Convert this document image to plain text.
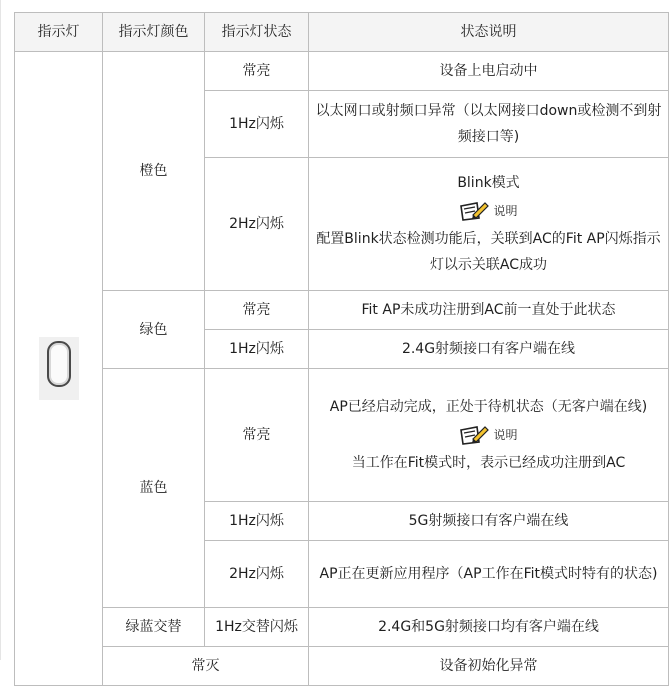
指示灯	指示灯颜色	指示灯状态	状态说明
	橙色	常亮	设备上电启动中
		1Hz闪烁	以太网口或射频口异常（以太网接口down或检测不到射频接口等)
		2Hz闪烁	Blink模式
说明
配置Blink状态检测功能后，关联到AC的Fit AP闪烁指示灯以示关联AC成功

	绿色	常亮	Fit AP未成功注册到AC前一直处于此状态
		1Hz闪烁	2.4G射频接口有客户端在线
	蓝色	常亮	AP已经启动完成，正处于待机状态（无客户端在线)
说明
当工作在Fit模式时，表示已经成功注册到AC

		1Hz闪烁	5G射频接口有客户端在线
		2Hz闪烁	AP正在更新应用程序（AP工作在Fit模式时特有的状态)
	绿蓝交替	1Hz交替闪烁	2.4G和5G射频接口均有客户端在线
	常灭		设备初始化异常
